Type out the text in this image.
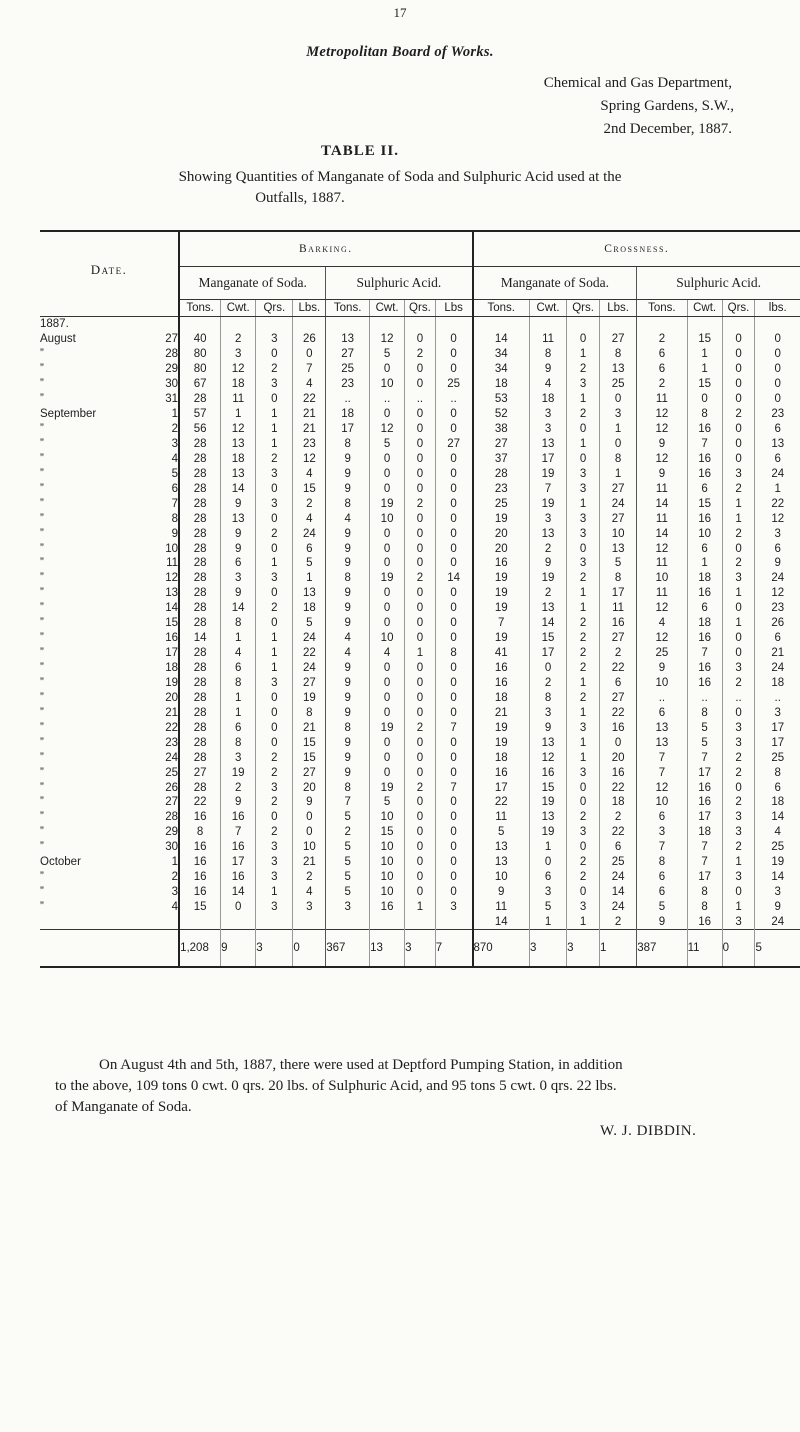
17
Metropolitan Board of Works.
Chemical and Gas Department,
Spring Gardens, S.W.,
2nd December, 1887.
TABLE II.
Showing Quantities of Manganate of Soda and Sulphuric Acid used at the
Outfalls, 1887.
Date.		Barking.								Crossness.							
		Manganate of Soda.				Sulphuric Acid.				Manganate of Soda.				Sulphuric Acid.			
		Tons.	Cwt.	Qrs.	Lbs.	Tons.	Cwt.	Qrs.	Lbs	Tons.	Cwt.	Qrs.	Lbs.	Tons.	Cwt.	Qrs.	lbs.
1887.																	
August	27	40	2	3	26	13	12	0	0	14	11	0	27	2	15	0	0
”	28	80	3	0	0	27	5	2	0	34	8	1	8	6	1	0	0
”	29	80	12	2	7	25	0	0	0	34	9	2	13	6	1	0	0
”	30	67	18	3	4	23	10	0	25	18	4	3	25	2	15	0	0
”	31	28	11	0	22	..	..	..	..	53	18	1	0	11	0	0	0
September	1	57	1	1	21	18	0	0	0	52	3	2	3	12	8	2	23
”	2	56	12	1	21	17	12	0	0	38	3	0	1	12	16	0	6
”	3	28	13	1	23	8	5	0	27	27	13	1	0	9	7	0	13
”	4	28	18	2	12	9	0	0	0	37	17	0	8	12	16	0	6
”	5	28	13	3	4	9	0	0	0	28	19	3	1	9	16	3	24
”	6	28	14	0	15	9	0	0	0	23	7	3	27	11	6	2	1
”	7	28	9	3	2	8	19	2	0	25	19	1	24	14	15	1	22
”	8	28	13	0	4	4	10	0	0	19	3	3	27	11	16	1	12
”	9	28	9	2	24	9	0	0	0	20	13	3	10	14	10	2	3
”	10	28	9	0	6	9	0	0	0	20	2	0	13	12	6	0	6
”	11	28	6	1	5	9	0	0	0	16	9	3	5	11	1	2	9
”	12	28	3	3	1	8	19	2	14	19	19	2	8	10	18	3	24
”	13	28	9	0	13	9	0	0	0	19	2	1	17	11	16	1	12
”	14	28	14	2	18	9	0	0	0	19	13	1	11	12	6	0	23
”	15	28	8	0	5	9	0	0	0	7	14	2	16	4	18	1	26
”	16	14	1	1	24	4	10	0	0	19	15	2	27	12	16	0	6
”	17	28	4	1	22	4	4	1	8	41	17	2	2	25	7	0	21
”	18	28	6	1	24	9	0	0	0	16	0	2	22	9	16	3	24
”	19	28	8	3	27	9	0	0	0	16	2	1	6	10	16	2	18
”	20	28	1	0	19	9	0	0	0	18	8	2	27	..	..	..	..
”	21	28	1	0	8	9	0	0	0	21	3	1	22	6	8	0	3
”	22	28	6	0	21	8	19	2	7	19	9	3	16	13	5	3	17
”	23	28	8	0	15	9	0	0	0	19	13	1	0	13	5	3	17
”	24	28	3	2	15	9	0	0	0	18	12	1	20	7	7	2	25
”	25	27	19	2	27	9	0	0	0	16	16	3	16	7	17	2	8
”	26	28	2	3	20	8	19	2	7	17	15	0	22	12	16	0	6
”	27	22	9	2	9	7	5	0	0	22	19	0	18	10	16	2	18
”	28	16	16	0	0	5	10	0	0	11	13	2	2	6	17	3	14
”	29	8	7	2	0	2	15	0	0	5	19	3	22	3	18	3	4
”	30	16	16	3	10	5	10	0	0	13	1	0	6	7	7	2	25
October	1	16	17	3	21	5	10	0	0	13	0	2	25	8	7	1	19
”	2	16	16	3	2	5	10	0	0	10	6	2	24	6	17	3	14
”	3	16	14	1	4	5	10	0	0	9	3	0	14	6	8	0	3
”	4	15	0	3	3	3	16	1	3	11	5	3	24	5	8	1	9
										14	1	1	2	9	16	3	24
		1,208	9	3	0	367	13	3	7	870	3	3	1	387	11	0	5
On August 4th and 5th, 1887, there were used at Deptford Pumping Station, in addition
to the above, 109 tons 0 cwt. 0 qrs. 20 lbs. of Sulphuric Acid, and 95 tons 5 cwt. 0 qrs. 22 lbs.
of Manganate of Soda.
W. J. DIBDIN.
